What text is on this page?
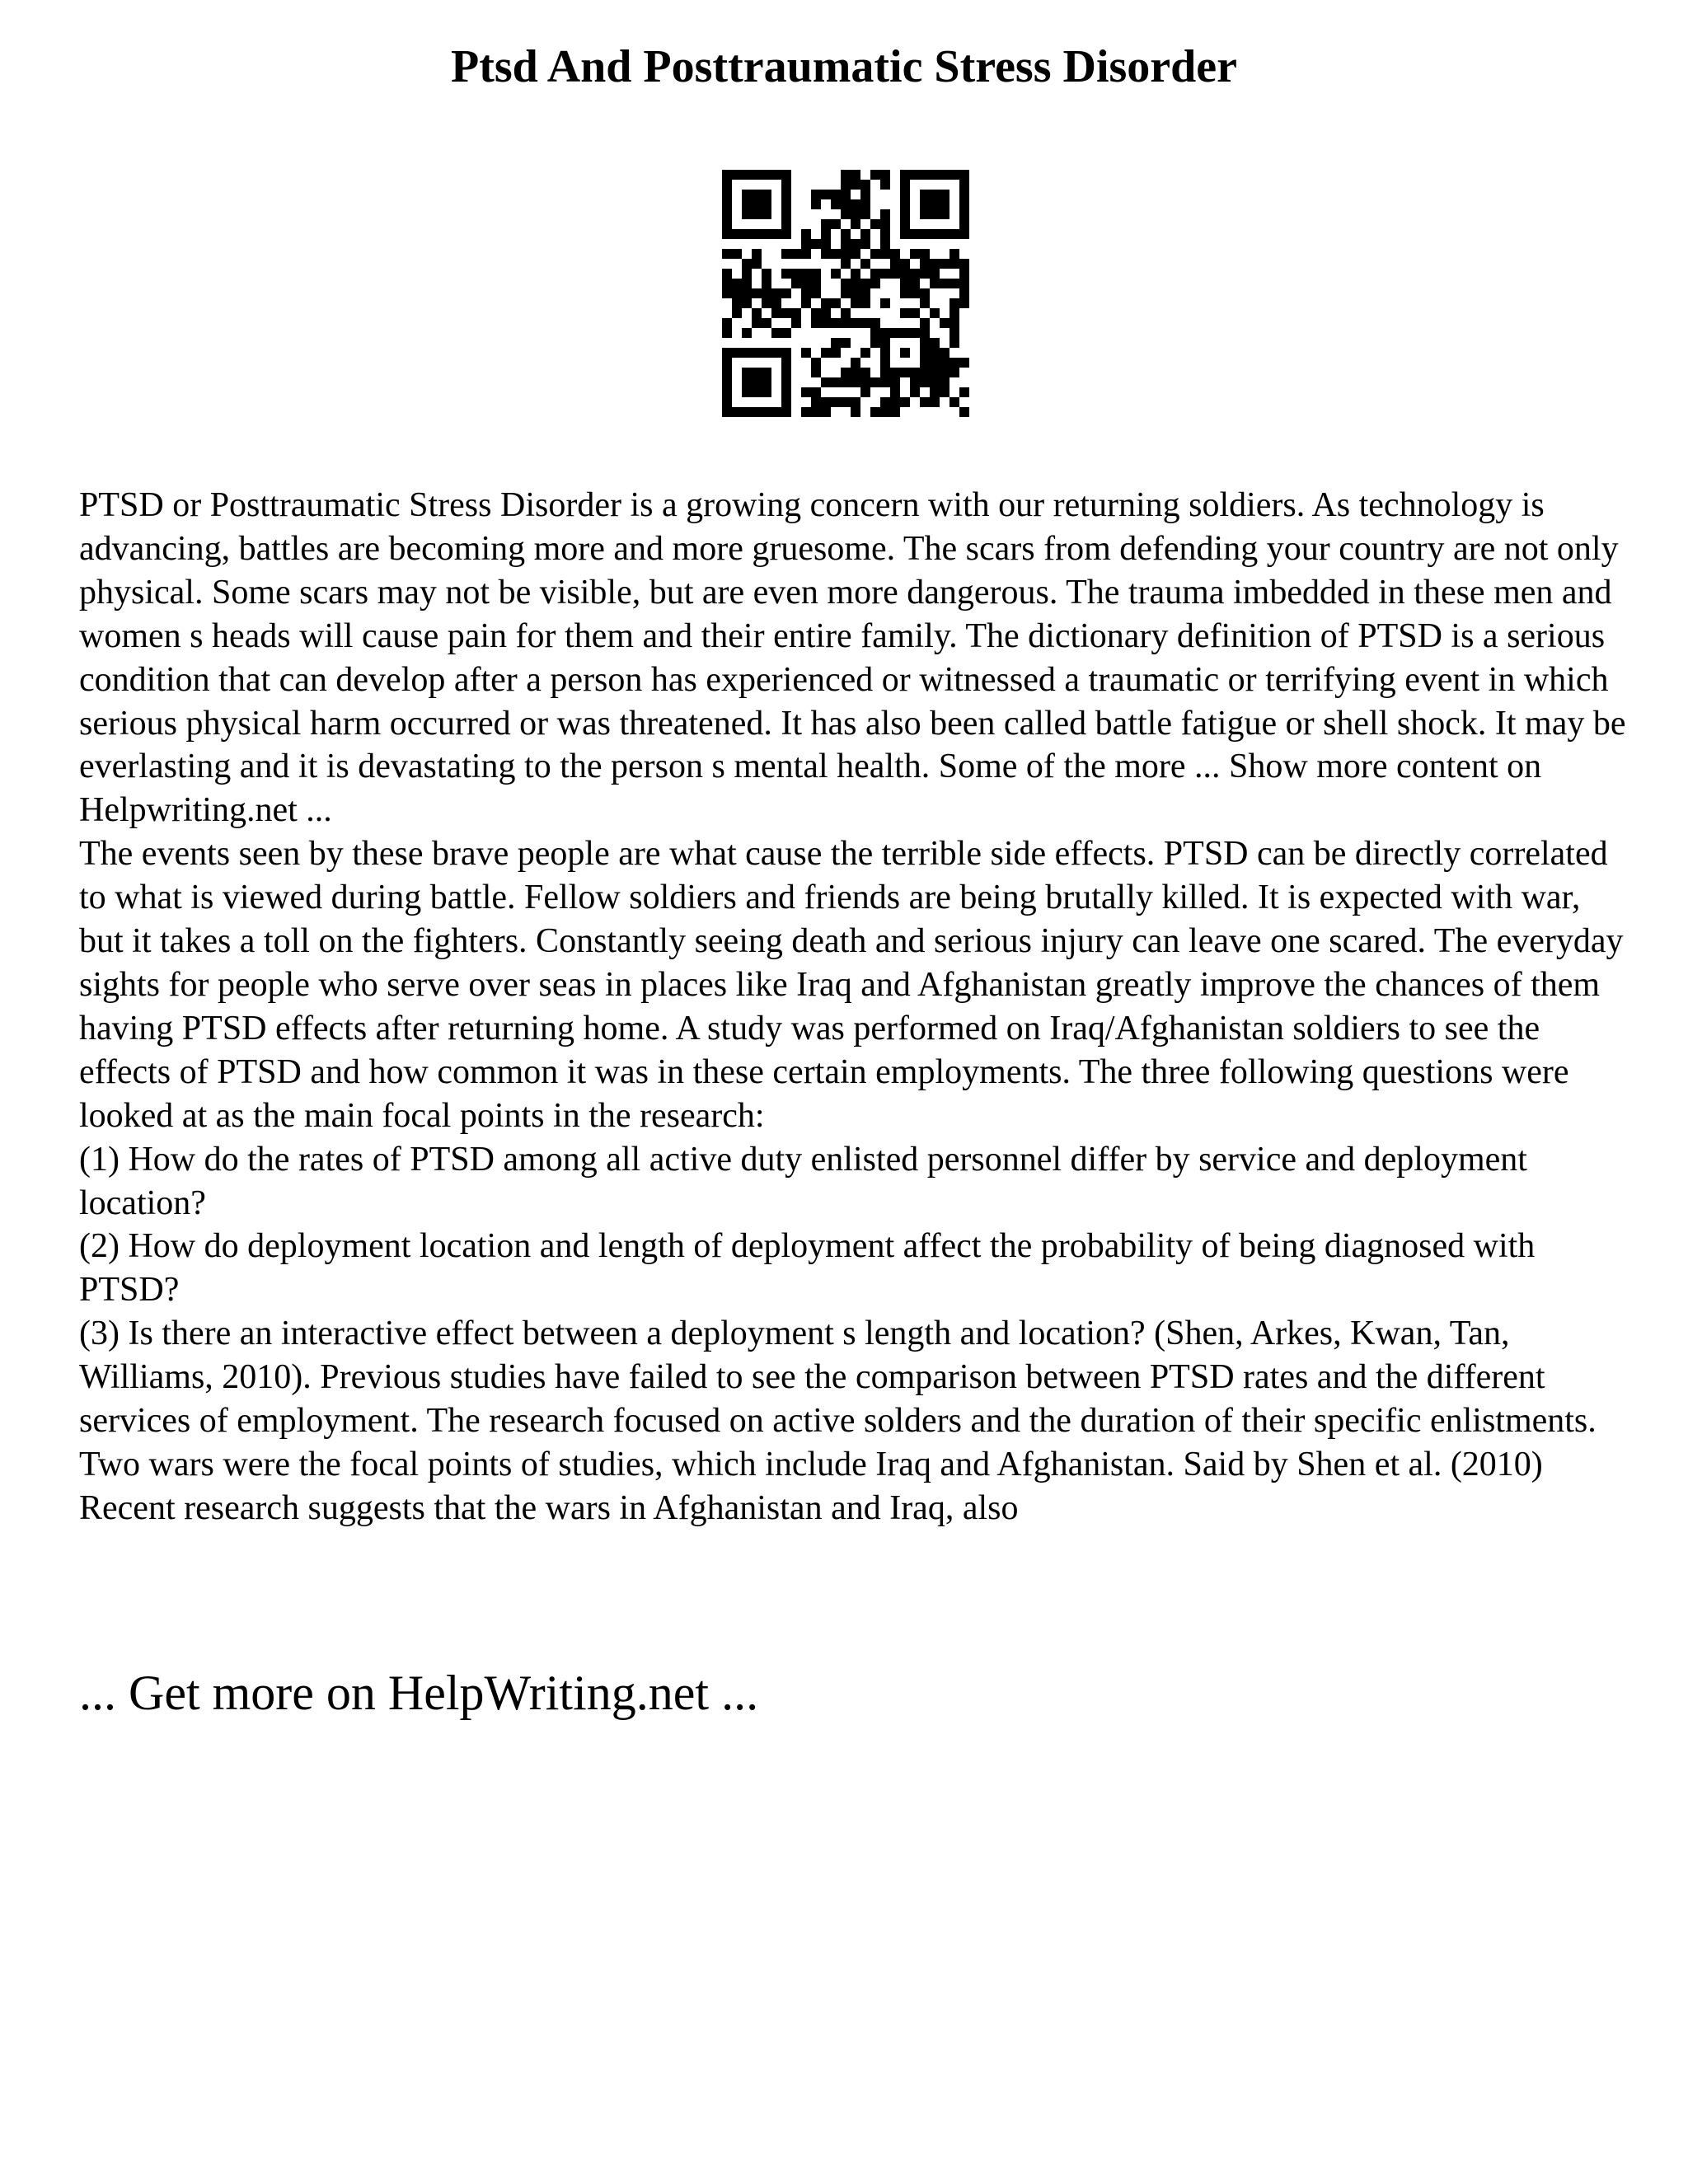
Ptsd And Posttraumatic Stress Disorder

PTSD or Posttraumatic Stress Disorder is a growing concern with our returning soldiers. As technology is advancing, battles are becoming more and more gruesome. The scars from defending your country are not only physical. Some scars may not be visible, but are even more dangerous. The trauma imbedded in these men and women s heads will cause pain for them and their entire family. The dictionary definition of PTSD is a serious condition that can develop after a person has experienced or witnessed a traumatic or terrifying event in which serious physical harm occurred or was threatened. It has also been called battle fatigue or shell shock. It may be everlasting and it is devastating to the person s mental health. Some of the more ... Show more content on Helpwriting.net ...

The events seen by these brave people are what cause the terrible side effects. PTSD can be directly correlated to what is viewed during battle. Fellow soldiers and friends are being brutally killed. It is expected with war, but it takes a toll on the fighters. Constantly seeing death and serious injury can leave one scared. The everyday sights for people who serve over seas in places like Iraq and Afghanistan greatly improve the chances of them having PTSD effects after returning home. A study was performed on Iraq/Afghanistan soldiers to see the effects of PTSD and how common it was in these certain employments. The three following questions were looked at as the main focal points in the research:

(1) How do the rates of PTSD among all active duty enlisted personnel differ by service and deployment location?

(2) How do deployment location and length of deployment affect the probability of being diagnosed with PTSD?

(3) Is there an interactive effect between a deployment s length and location? (Shen, Arkes, Kwan, Tan, Williams, 2010). Previous studies have failed to see the comparison between PTSD rates and the different services of employment. The research focused on active solders and the duration of their specific enlistments. Two wars were the focal points of studies, which include Iraq and Afghanistan. Said by Shen et al. (2010) Recent research suggests that the wars in Afghanistan and Iraq, also

... Get more on HelpWriting.net ...
